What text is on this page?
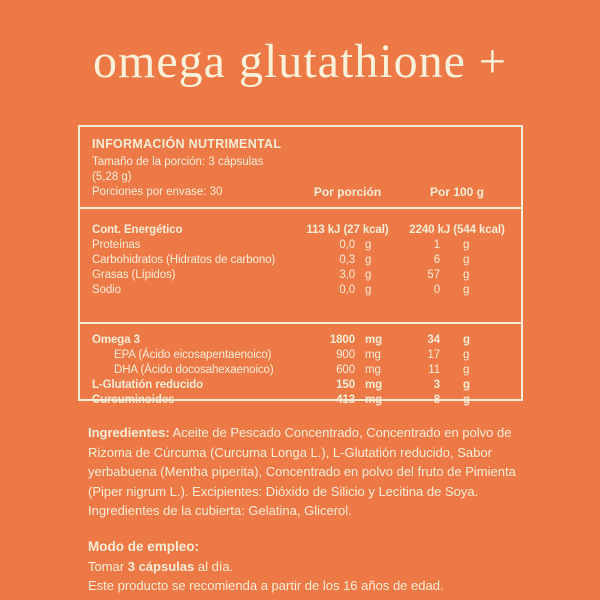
omega glutathione +
INFORMACIÓN NUTRIMENTAL
Tamaño de la porción: 3 cápsulas (5,28 g)
Porciones por envase: 30	Por porción	Por 100 g
Cont. Energético	113 kJ (27 kcal)	2240 kJ (544 kcal)
Proteínas	0,0 g	1	g
Carbohidratos (Hidratos de carbono)	0,3 g	6	g
Grasas (Lípidos)	3,0 g	57	g
Sodio	0,0 g	0	g
Omega 3	1800 mg	34	g
EPA (Ácido eicosapentaenoico)	900 mg	17	g
DHA (Ácido docosahexaenoico)	600 mg	11	g
L-Glutatión reducido	150 mg	3	g
Curcuminoides	413 mg	8	g

Ingredientes: Aceite de Pescado Concentrado, Concentrado en polvo de Rizoma de Cúrcuma (Curcuma Longa L.), L-Glutatión reducido, Sabor yerbabuena (Mentha piperita), Concentrado en polvo del fruto de Pimienta (Piper nigrum L.). Excipientes: Dióxido de Silicio y Lecitina de Soya. Ingredientes de la cubierta: Gelatina, Glicerol.

Modo de empleo:
Tomar 3 cápsulas al día.
Este producto se recomienda a partir de los 16 años de edad.
